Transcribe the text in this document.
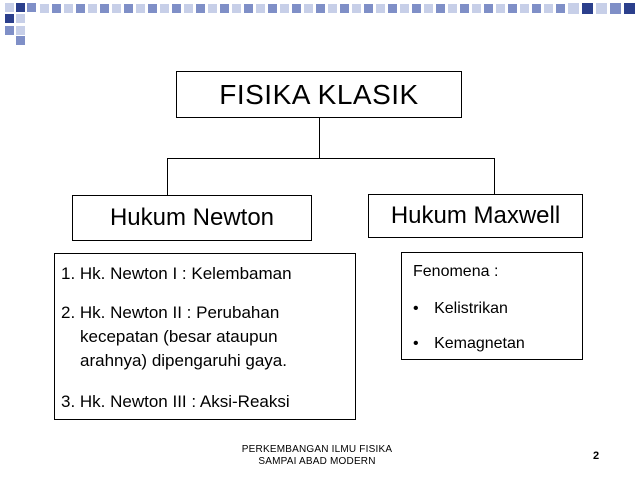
FISIKA KLASIK
Hukum Newton	Hukum Maxwell
1. Hk. Newton I : Kelembaman
2. Hk. Newton II : Perubahan
kecepatan (besar ataupun
arahnya) dipengaruhi gaya.
3. Hk. Newton III : Aksi-Reaksi
Fenomena :
• Kelistrikan
• Kemagnetan
PERKEMBANGAN ILMU FISIKA
SAMPAI ABAD MODERN	2
